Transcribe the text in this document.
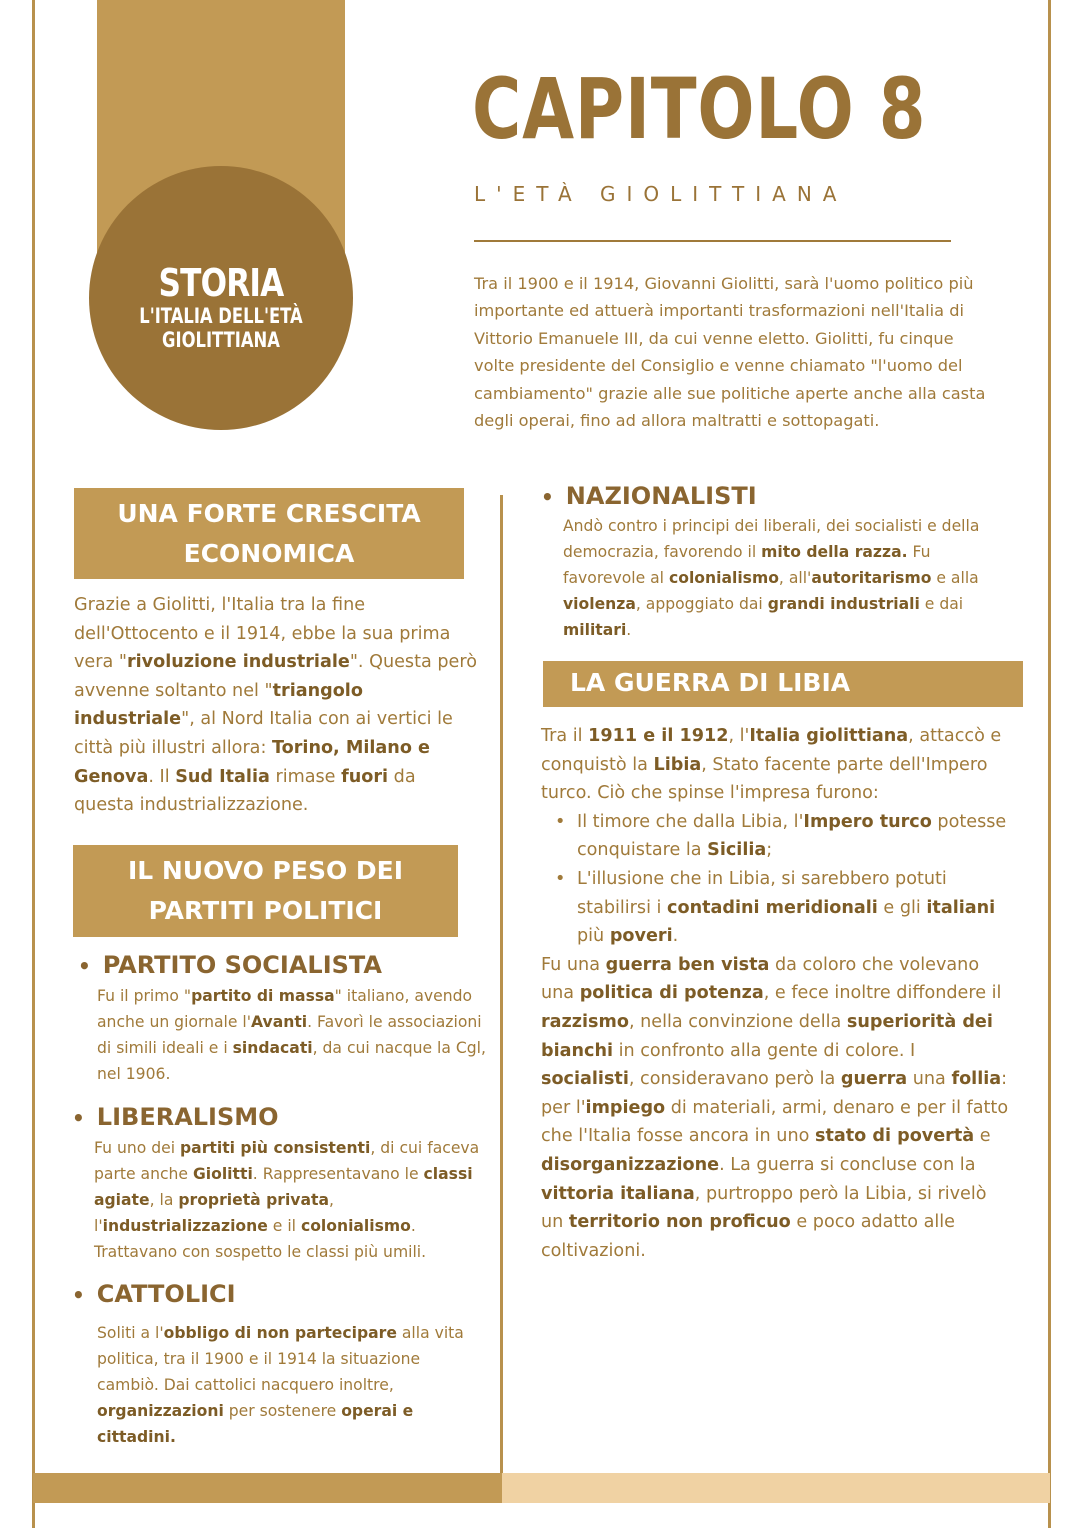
STORIA
L'ITALIA DELL'ETÀ
GIOLITTIANA
CAPITOLO 8
L'ETÀ GIOLITTIANA
Tra il 1900 e il 1914, Giovanni Giolitti, sarà l'uomo politico più importante ed attuerà importanti trasformazioni nell'Italia di Vittorio Emanuele III, da cui venne eletto. Giolitti, fu cinque volte presidente del Consiglio e venne chiamato "l'uomo del cambiamento" grazie alle sue politiche aperte anche alla casta degli operai, fino ad allora maltratti e sottopagati.
UNA FORTE CRESCITA
ECONOMICA
Grazie a Giolitti, l'Italia tra la fine dell'Ottocento e il 1914, ebbe la sua prima vera "rivoluzione industriale". Questa però avvenne soltanto nel "triangolo industriale", al Nord Italia con ai vertici le città più illustri allora: Torino, Milano e Genova. Il Sud Italia rimase fuori da questa industrializzazione.
IL NUOVO PESO DEI
PARTITI POLITICI
• PARTITO SOCIALISTA
Fu il primo "partito di massa" italiano, avendo anche un giornale l'Avanti. Favorì le associazioni di simili ideali e i sindacati, da cui nacque la Cgl, nel 1906.
• LIBERALISMO
Fu uno dei partiti più consistenti, di cui faceva parte anche Giolitti. Rappresentavano le classi agiate, la proprietà privata, l'industrializzazione e il colonialismo. Trattavano con sospetto le classi più umili.
• CATTOLICI
Soliti a l'obbligo di non partecipare alla vita politica, tra il 1900 e il 1914 la situazione cambiò. Dai cattolici nacquero inoltre, organizzazioni per sostenere operai e cittadini.
• NAZIONALISTI
Andò contro i principi dei liberali, dei socialisti e della democrazia, favorendo il mito della razza. Fu favorevole al colonialismo, all'autoritarismo e alla violenza, appoggiato dai grandi industriali e dai militari.
LA GUERRA DI LIBIA
Tra il 1911 e il 1912, l'Italia giolittiana, attaccò e conquistò la Libia, Stato facente parte dell'Impero turco. Ciò che spinse l'impresa furono:
• Il timore che dalla Libia, l'Impero turco potesse conquistare la Sicilia;
• L'illusione che in Libia, si sarebbero potuti stabilirsi i contadini meridionali e gli italiani più poveri.
Fu una guerra ben vista da coloro che volevano una politica di potenza, e fece inoltre diffondere il razzismo, nella convinzione della superiorità dei bianchi in confronto alla gente di colore. I socialisti, consideravano però la guerra una follia: per l'impiego di materiali, armi, denaro e per il fatto che l'Italia fosse ancora in uno stato di povertà e disorganizzazione. La guerra si concluse con la vittoria italiana, purtroppo però la Libia, si rivelò un territorio non proficuo e poco adatto alle coltivazioni.
